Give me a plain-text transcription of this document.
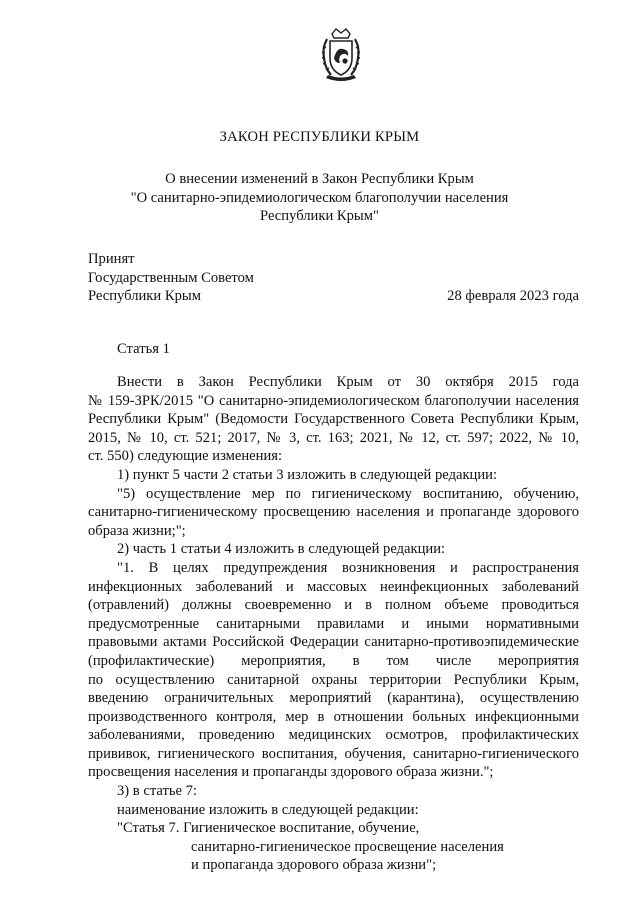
ЗАКОН РЕСПУБЛИКИ КРЫМ
О внесении изменений в Закон Республики Крым
"О санитарно-эпидемиологическом благополучии населения
Республики Крым"
Принят
Государственным Советом
Республики Крым	28 февраля 2023 года
Статья 1
Внести в Закон Республики Крым от 30 октября 2015 года
№ 159-ЗРК/2015 "О санитарно-эпидемиологическом благополучии населения
Республики Крым" (Ведомости Государственного Совета Республики Крым,
2015, № 10, ст. 521; 2017, № 3, ст. 163; 2021, № 12, ст. 597; 2022, № 10,
ст. 550) следующие изменения:
1) пункт 5 части 2 статьи 3 изложить в следующей редакции:
"5) осуществление мер по гигиеническому воспитанию, обучению,
санитарно-гигиеническому просвещению населения и пропаганде здорового
образа жизни;";
2) часть 1 статьи 4 изложить в следующей редакции:
"1. В целях предупреждения возникновения и распространения
инфекционных заболеваний и массовых неинфекционных заболеваний
(отравлений) должны своевременно и в полном объеме проводиться
предусмотренные санитарными правилами и иными нормативными
правовыми актами Российской Федерации санитарно-противоэпидемические
(профилактические) мероприятия, в том числе мероприятия
по осуществлению санитарной охраны территории Республики Крым,
введению ограничительных мероприятий (карантина), осуществлению
производственного контроля, мер в отношении больных инфекционными
заболеваниями, проведению медицинских осмотров, профилактических
прививок, гигиенического воспитания, обучения, санитарно-гигиенического
просвещения населения и пропаганды здорового образа жизни.";
3) в статье 7:
наименование изложить в следующей редакции:
"Статья 7. Гигиеническое воспитание, обучение,
санитарно-гигиеническое просвещение населения
и пропаганда здорового образа жизни";
